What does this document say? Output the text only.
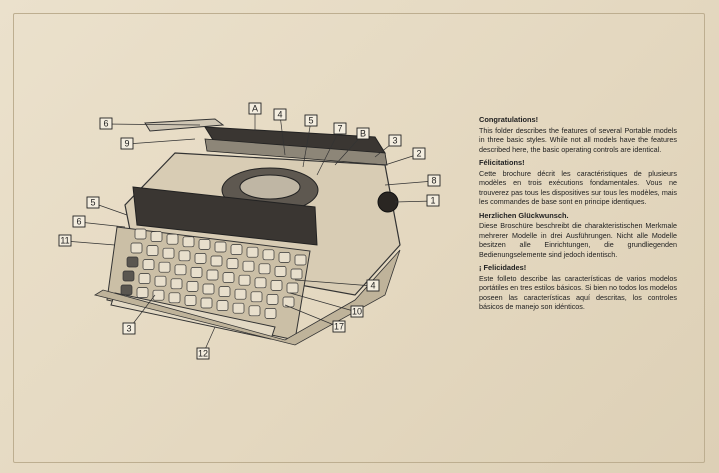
A
4
5
7 B
3
2
6
9
8
1
5
6
11
4
10
17
3
12
Congratulations!
This folder describes the features of several Portable models in three basic styles. While not all models have the features described here, the basic operating controls are identical.
Félicitations!
Cette brochure décrit les caractéristiques de plusieurs modèles en trois exécutions fondamentales. Vous ne trouverez pas tous les dispositives sur tous les modèles, mais les commandes de base sont en principe identiques.
Herzlichen Glückwunsch.
Diese Broschüre beschreibt die charakteristischen Merkmale mehrerer Modelle in drei Ausführungen. Nicht alle Modelle besitzen alle Einrichtungen, die grundliegenden Bedienungselemente sind jedoch identisch.
¡ Felicidades!
Este folleto describe las características de varios modelos portátiles en tres estilos básicos. Si bien no todos los modelos poseen las características aquí descritas, los controles básicos de manejo son idénticos.
